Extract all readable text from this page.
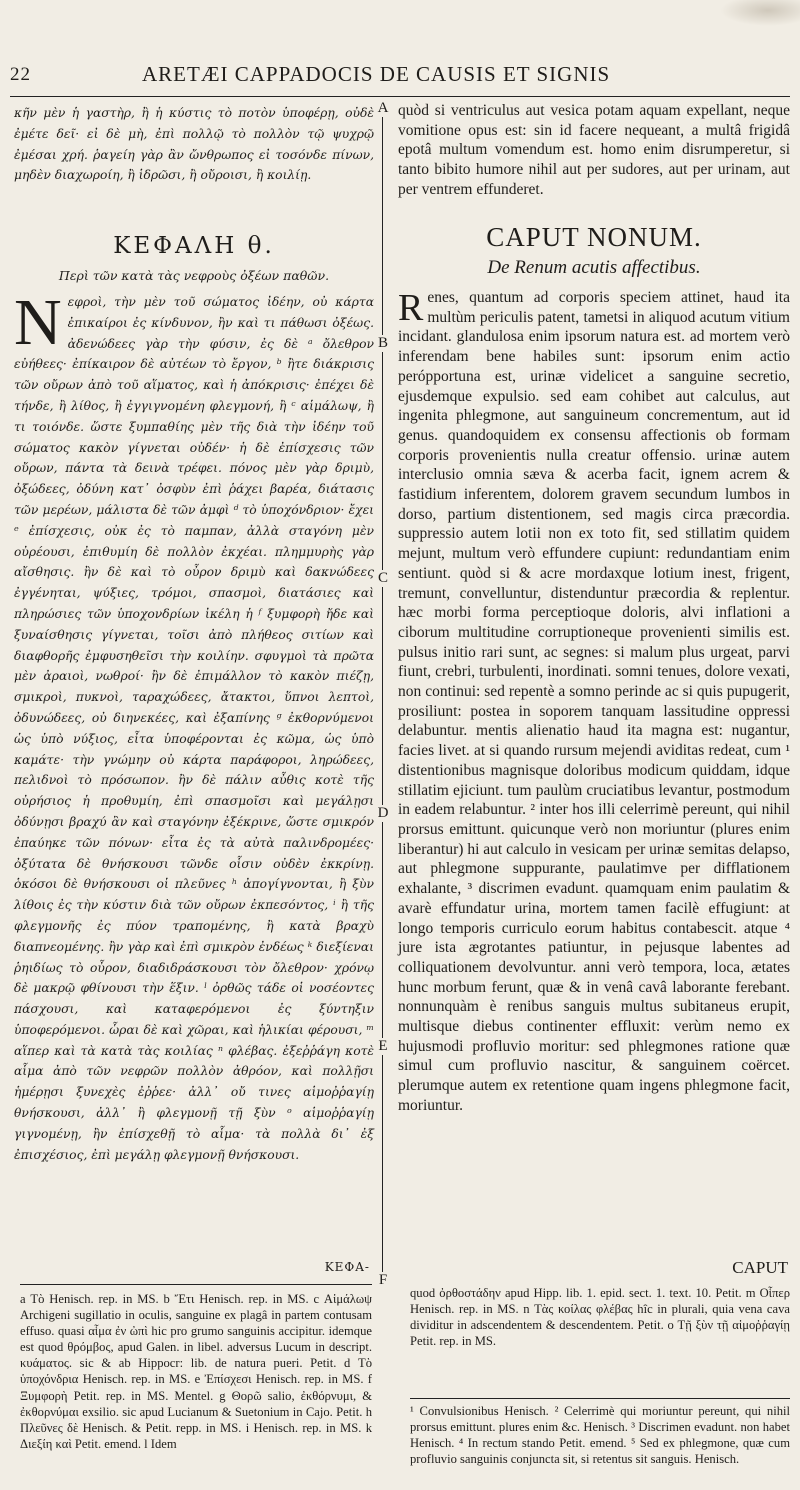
22	ARETÆI CAPPADOCIS DE CAUSIS ET SIGNIS
A
B
C
D
E
F

κῆν μὲν ἡ γαστὴρ, ἢ ἡ κύστις τὸ ποτὸν ὑποφέρῃ, οὐδὲ ἐμέτε δεῖ· εἰ δὲ μὴ, ἐπὶ πολλῷ τὸ πολλὸν τῷ ψυχρῷ ἐμέσαι χρή. ῥαγείη γὰρ ἂν ὤνθρωπος εἰ τοσόνδε πίνων, μηδὲν διαχωροίη, ἢ ἱδρῶσι, ἢ οὔροισι, ἢ κοιλίῃ.

ΚΕΦΑΛΗ θ.
Περὶ τῶν κατὰ τὰς νεφροὺς ὀξέων παθῶν.
Ν εφροὶ, τὴν μὲν τοῦ σώματος ἰδέην, οὐ κάρτα ἐπικαίροι ἐς κίνδυνον, ἢν καὶ τι πάθωσι ὀξέως. ἀδενώδεες γὰρ τὴν φύσιν, ἐς δὲ ᵃ ὄλεθρον εὐήθεες· ἐπίκαιρον δὲ αὐτέων τὸ ἔργον, ᵇ ἢτε διάκρισις τῶν οὔρων ἀπὸ τοῦ αἵματος, καὶ ἡ ἀπόκρισις· ἐπέχει δὲ τήνδε, ἢ λίθος, ἢ ἐγγιγνομένη φλεγμονή, ἢ ᶜ αἱμάλωψ, ἢ τι τοιόνδε. ὥστε ξυμπαθίης μὲν τῆς διὰ τὴν ἰδέην τοῦ σώματος κακὸν γίγνεται οὐδέν· ἡ δὲ ἐπίσχεσις τῶν οὔρων, πάντα τὰ δεινὰ τρέφει. πόνος μὲν γὰρ δριμὺ, ὀξώδεες, ὀδύνη κατ᾽ ὀσφὺν ἐπὶ ῥάχει βαρέα, διάτασις τῶν μερέων, μάλιστα δὲ τῶν ἀμφὶ ᵈ τὸ ὑποχόνδριον· ἔχει ᵉ ἐπίσχεσις, οὐκ ἐς τὸ παμπαν, ἀλλὰ σταγόνη μὲν οὐρέουσι, ἐπιθυμίη δὲ πολλὸν ἐκχέαι. πλημμυρὴς γὰρ αἴσθησις. ἢν δὲ καὶ τὸ οὖρον δριμὺ καὶ δακνώδεες ἐγγένηται, ψύξιες, τρόμοι, σπασμοὶ, διατάσιες καὶ πληρώσιες τῶν ὑποχονδρίων ἰκέλη ἡ ᶠ ξυμφορὴ ἤδε καὶ ξυναίσθησις γίγνεται, τοῖσι ἀπὸ πλήθεος σιτίων καὶ διαφθορῆς ἐμφυσηθεῖσι τὴν κοιλίην. σφυγμοὶ τὰ πρῶτα μὲν ἀραιοὶ, νωθροί· ἢν δὲ ἐπιμάλλον τὸ κακὸν πιέζῃ, σμικροὶ, πυκνοὶ, ταραχώδεες, ἄτακτοι, ὕπνοι λεπτοὶ, ὀδυνώδεες, οὐ διηνεκέες, καὶ ἐξαπίνης ᵍ ἐκθορνύμενοι ὡς ὑπὸ νύξιος, εἶτα ὑποφέρονται ἐς κῶμα, ὡς ὑπὸ καμάτε· τὴν γνώμην οὐ κάρτα παράφοροι, ληρώδεες, πελιδνοὶ τὸ πρόσωπον. ἢν δὲ πάλιν αὖθις κοτὲ τῆς οὐρήσιος ἡ προθυμίη, ἐπὶ σπασμοῖσι καὶ μεγάλῃσι ὀδύνῃσι βραχύ ἂν καὶ σταγόνην ἐξέκρινε, ὥστε σμικρόν ἐπαύηκε τῶν πόνων· εἶτα ἐς τὰ αὐτὰ παλινδρομέες· ὀξύτατα δὲ θνήσκουσι τῶνδε οἷσιν οὐδὲν ἐκκρίνῃ. ὁκόσοι δὲ θνήσκουσι οἱ πλεῦνες ʰ ἀπογίγνονται, ἢ ξὺν λίθοις ἐς τὴν κύστιν διὰ τῶν οὔρων ἐκπεσόντος, ⁱ ἢ τῆς φλεγμονῆς ἐς πύον τραπομένης, ἢ κατὰ βραχὺ διαπνεομένης. ἢν γὰρ καὶ ἐπὶ σμικρὸν ἐνδέως ᵏ διεξίεναι ῥηιδίως τὸ οὖρον, διαδιδράσκουσι τὸν ὄλεθρον· χρόνῳ δὲ μακρῷ φθίνουσι τὴν ἕξιν. ˡ ὀρθῶς τάδε οἱ νοσέοντες πάσχουσι, καὶ καταφερόμενοι ἐς ξύντηξιν ὑποφερόμενοι. ὧραι δὲ καὶ χῶραι, καὶ ἡλικίαι φέρουσι, ᵐ αἵπερ καὶ τὰ κατὰ τὰς κοιλίας ⁿ φλέβας. ἐξεῤῥάγη κοτὲ αἷμα ἀπὸ τῶν νεφρῶν πολλὸν ἀθρόον, καὶ πολλῇσι ἡμέρῃσι ξυνεχὲς ἐῤῥεε· ἀλλ᾽ οὔ τινες αἱμοῤῥαγίῃ θνήσκουσι, ἀλλ᾽ ἢ φλεγμονῇ τῇ ξὺν ᵒ αἱμοῤῥαγίῃ γιγνομένῃ, ἢν ἐπίσχεθῇ τὸ αἷμα· τὰ πολλὰ δι᾽ ἐξ ἐπισχέσιος, ἐπὶ μεγάλῃ φλεγμονῇ θνήσκουσι.

ΚΕΦΑ-

quòd si ventriculus aut vesica potam aquam expellant, neque vomitione opus est: sin id facere nequeant, a multâ frigidâ epotâ multum vomendum est. homo enim disrumperetur, si tanto bibito humore nihil aut per sudores, aut per urinam, aut per ventrem effunderet.

CAPUT NONUM.
De Renum acutis affectibus.
R enes, quantum ad corporis speciem attinet, haud ita multùm periculis patent, tametsi in aliquod acutum vitium incidant. glandulosa enim ipsorum natura est. ad mortem verò inferendam bene habiles sunt: ipsorum enim actio perópportuna est, urinæ videlicet a sanguine secretio, ejusdemque expulsio. sed eam cohibet aut calculus, aut ingenita phlegmone, aut sanguineum concrementum, aut id genus. quandoquidem ex consensu affectionis ob formam corporis provenientis nulla creatur offensio. urinæ autem interclusio omnia sæva & acerba facit, ignem acrem & fastidium inferentem, dolorem gravem secundum lumbos in dorso, partium distentionem, sed magis circa præcordia. suppressio autem lotii non ex toto fit, sed stillatim quidem mejunt, multum verò effundere cupiunt: redundantiam enim sentiunt. quòd si & acre mordaxque lotium inest, frigent, tremunt, convelluntur, distenduntur præcordia & replentur. hæc morbi forma perceptioque doloris, alvi inflationi a ciborum multitudine corruptioneque provenienti similis est. pulsus initio rari sunt, ac segnes: si malum plus urgeat, parvi fiunt, crebri, turbulenti, inordinati. somni tenues, dolore vexati, non continui: sed repentè a somno perinde ac si quis pupugerit, prosiliunt: postea in soporem tanquam lassitudine oppressi delabuntur. mentis alienatio haud ita magna est: nugantur, facies livet. at si quando rursum mejendi aviditas redeat, cum ¹ distentionibus magnisque doloribus modicum quiddam, idque stillatim ejiciunt. tum paulùm cruciatibus levantur, postmodum in eadem relabuntur. ² inter hos illi celerrimè pereunt, qui nihil prorsus emittunt. quicunque verò non moriuntur (plures enim liberantur) hi aut calculo in vesicam per urinæ semitas delapso, aut phlegmone suppurante, paulatimve per difflationem exhalante, ³ discrimen evadunt. quamquam enim paulatim & avarè effundatur urina, mortem tamen facilè effugiunt: at longo temporis curriculo eorum habitus contabescit. atque ⁴ jure ista ægrotantes patiuntur, in pejusque labentes ad colliquationem devolvuntur. anni verò tempora, loca, ætates hunc morbum ferunt, quæ & in venâ cavâ laborante ferebant. nonnunquàm è renibus sanguis multus subitaneus erupit, multisque diebus continenter effluxit: verùm nemo ex hujusmodi profluvio moritur: sed phlegmones ratione quæ simul cum profluvio nascitur, & sanguinem coërcet. plerumque autem ex retentione quam ingens phlegmone facit, moriuntur.

CAPUT

a Τὸ Henisch. rep. in MS. b Ἔτι Henisch. rep. in MS. c Αἱμάλωψ Archigeni sugillatio in oculis, sanguine ex plagâ in partem contusam effuso. quasi αἷμα ἐν ὠπὶ hic pro grumo sanguinis accipitur. idemque est quod θρόμβος, apud Galen. in libel. adversus Lucum in descript. κυάματος. sic & ab Hippocr: lib. de natura pueri. Petit. d Τὸ ὑποχόνδρια Henisch. rep. in MS. e Ἐπίσχεσι Henisch. rep. in MS. f Ξυμφορὴ Petit. rep. in MS. Mentel. g Θορῶ salio, ἐκθόρνυμι, & ἐκθορνύμαι exsilio. sic apud Lucianum & Suetonium in Cajo. Petit. h Πλεῦνες δὲ Henisch. & Petit. repp. in MS. i Henisch. rep. in MS. k Διεξίη καὶ Petit. emend. l Idem

quod ὀρθοστάδην apud Hipp. lib. 1. epid. sect. 1. text. 10. Petit. m Οἷπερ Henisch. rep. in MS. n Τὰς κοίλας φλέβας hîc in plurali, quia vena cava dividitur in adscendentem & descendentem. Petit. o Τῇ ξὺν τῇ αἱμοῤῥαγίῃ Petit. rep. in MS.

¹ Convulsionibus Henisch. ² Celerrimè qui moriuntur pereunt, qui nihil prorsus emittunt. plures enim &c. Henisch. ³ Discrimen evadunt. non habet Henisch. ⁴ In rectum stando Petit. emend. ⁵ Sed ex phlegmone, quæ cum profluvio sanguinis conjuncta sit, si retentus sit sanguis. Henisch.
